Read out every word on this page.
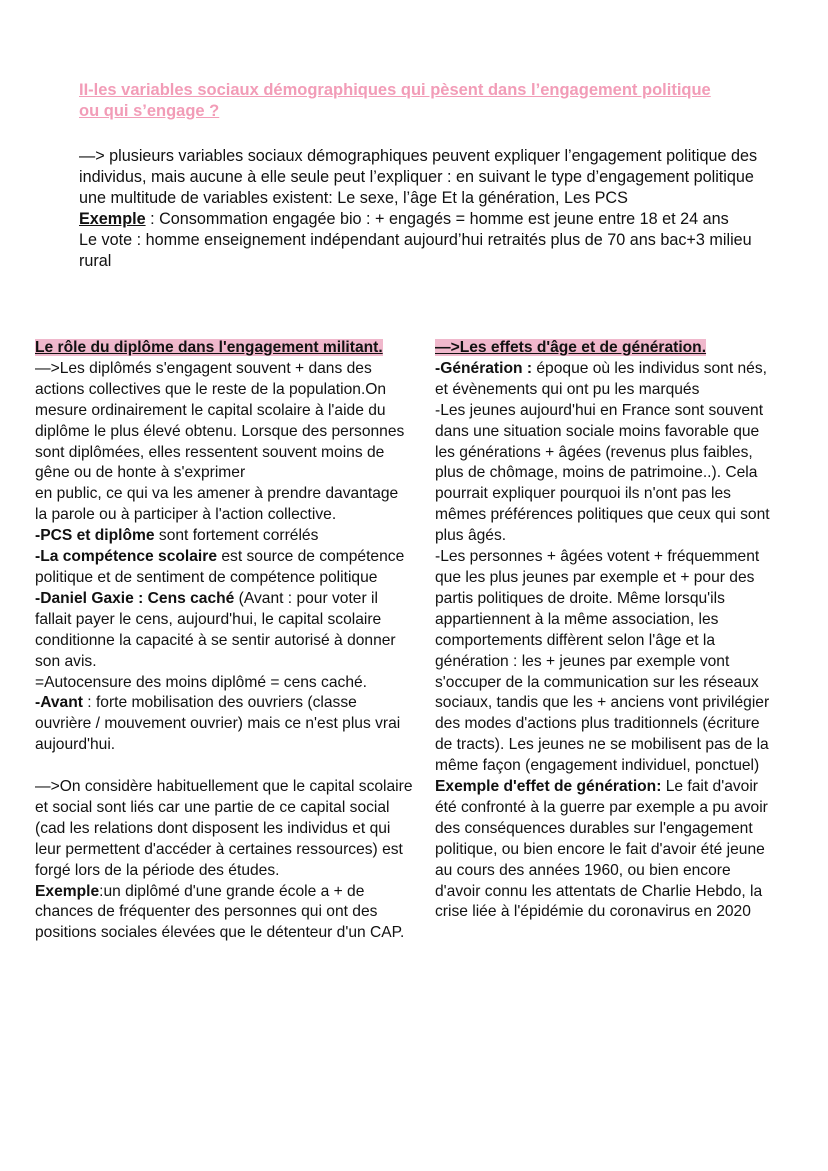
II-les variables sociaux démographiques qui pèsent dans l’engagement politique ou qui s’engage ?

—> plusieurs variables sociaux démographiques peuvent expliquer l’engagement politique des individus, mais aucune à elle seule peut l’expliquer : en suivant le type d’engagement politique une multitude de variables existent: Le sexe, l’âge Et la génération, Les PCS

Exemple : Consommation engagée bio : + engagés = homme est jeune entre 18 et 24 ans

Le vote : homme enseignement indépendant aujourd’hui retraités plus de 70 ans bac+3 milieu rural

Le rôle du diplôme dans l'engagement militant.

—>Les diplômés s'engagent souvent + dans des actions collectives que le reste de la population.On mesure ordinairement le capital scolaire à l'aide du diplôme le plus élevé obtenu. Lorsque des personnes sont diplômées, elles ressentent souvent moins de gêne ou de honte à s'exprimer

en public, ce qui va les amener à prendre davantage la parole ou à participer à l'action collective.

-PCS et diplôme sont fortement corrélés

-La compétence scolaire est source de compétence politique et de sentiment de compétence politique

-Daniel Gaxie : Cens caché (Avant : pour voter il fallait payer le cens, aujourd'hui, le capital scolaire conditionne la capacité à se sentir autorisé à donner son avis.

=Autocensure des moins diplômé = cens caché.

-Avant : forte mobilisation des ouvriers (classe ouvrière / mouvement ouvrier) mais ce n'est plus vrai aujourd'hui.

—>On considère habituellement que le capital scolaire et social sont liés car une partie de ce capital social (cad les relations dont disposent les individus et qui leur permettent d'accéder à certaines ressources) est forgé lors de la période des études.

Exemple:un diplômé d'une grande école a + de chances de fréquenter des personnes qui ont des positions sociales élevées que le détenteur d'un CAP.

—>Les effets d'âge et de génération.

-Génération : époque où les individus sont nés, et évènements qui ont pu les marqués

-Les jeunes aujourd'hui en France sont souvent dans une situation sociale moins favorable que les générations + âgées (revenus plus faibles, plus de chômage, moins de patrimoine..). Cela pourrait expliquer pourquoi ils n'ont pas les mêmes préférences politiques que ceux qui sont plus âgés.

-Les personnes + âgées votent + fréquemment que les plus jeunes par exemple et + pour des partis politiques de droite. Même lorsqu'ils appartiennent à la même association, les comportements diffèrent selon l'âge et la génération : les + jeunes par exemple vont s'occuper de la communication sur les réseaux sociaux, tandis que les + anciens vont privilégier des modes d'actions plus traditionnels (écriture de tracts). Les jeunes ne se mobilisent pas de la même façon (engagement individuel, ponctuel)

Exemple d'effet de génération: Le fait d'avoir été confronté à la guerre par exemple a pu avoir des conséquences durables sur l'engagement politique, ou bien encore le fait d'avoir été jeune au cours des années 1960, ou bien encore d'avoir connu les attentats de Charlie Hebdo, la crise liée à l'épidémie du coronavirus en 2020
